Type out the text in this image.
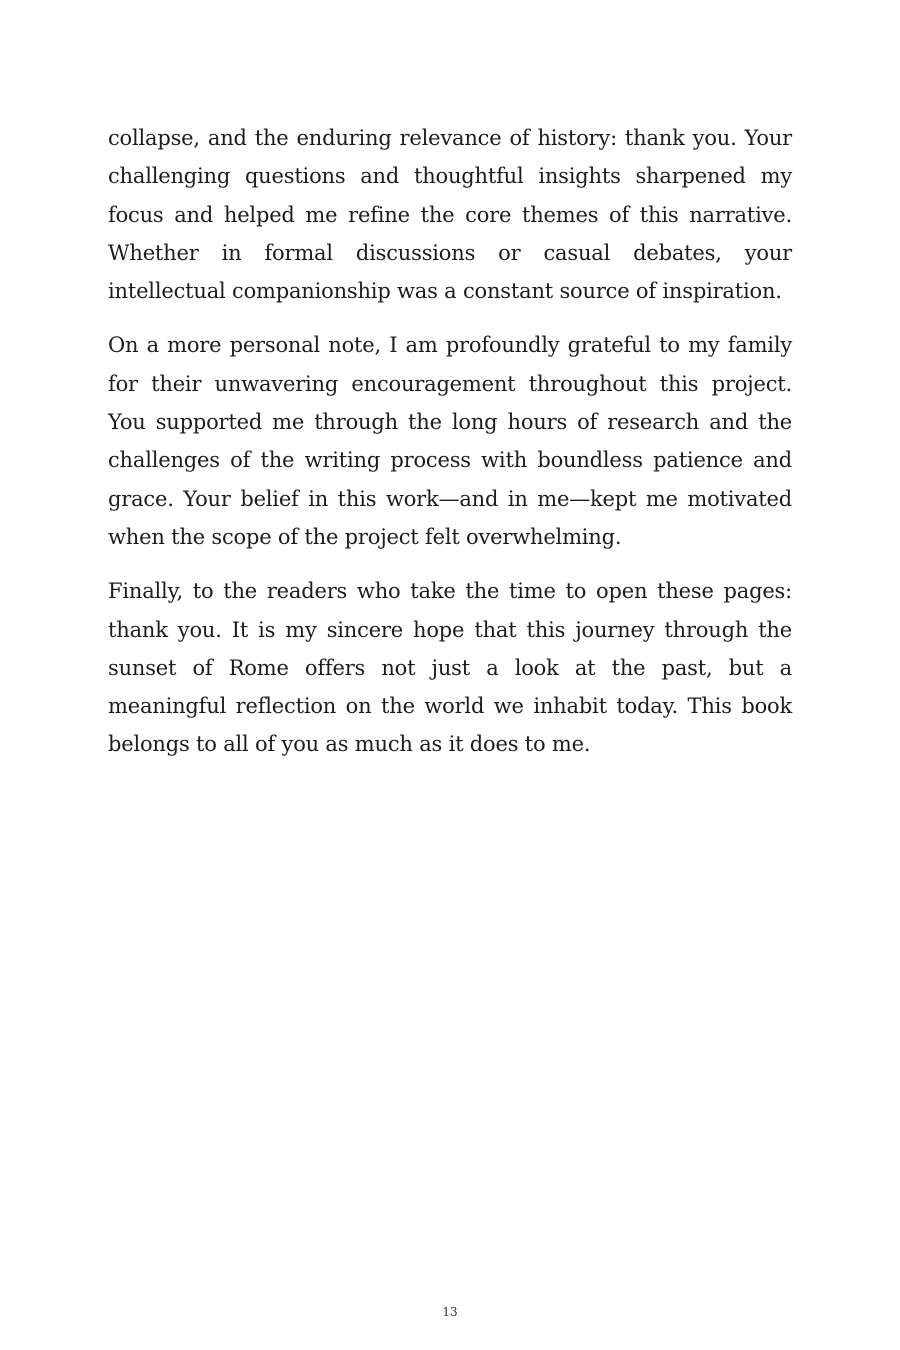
collapse, and the enduring relevance of history: thank you. Your challenging questions and thoughtful insights sharpened my focus and helped me refine the core themes of this narrative. Whether in formal discussions or casual debates, your intellectual companionship was a constant source of inspiration.

On a more personal note, I am profoundly grateful to my family for their unwavering encouragement throughout this project. You supported me through the long hours of research and the challenges of the writing process with boundless patience and grace. Your belief in this work—and in me—kept me motivated when the scope of the project felt overwhelming.

Finally, to the readers who take the time to open these pages: thank you. It is my sincere hope that this journey through the sunset of Rome offers not just a look at the past, but a meaningful reflection on the world we inhabit today. This book belongs to all of you as much as it does to me.

13
